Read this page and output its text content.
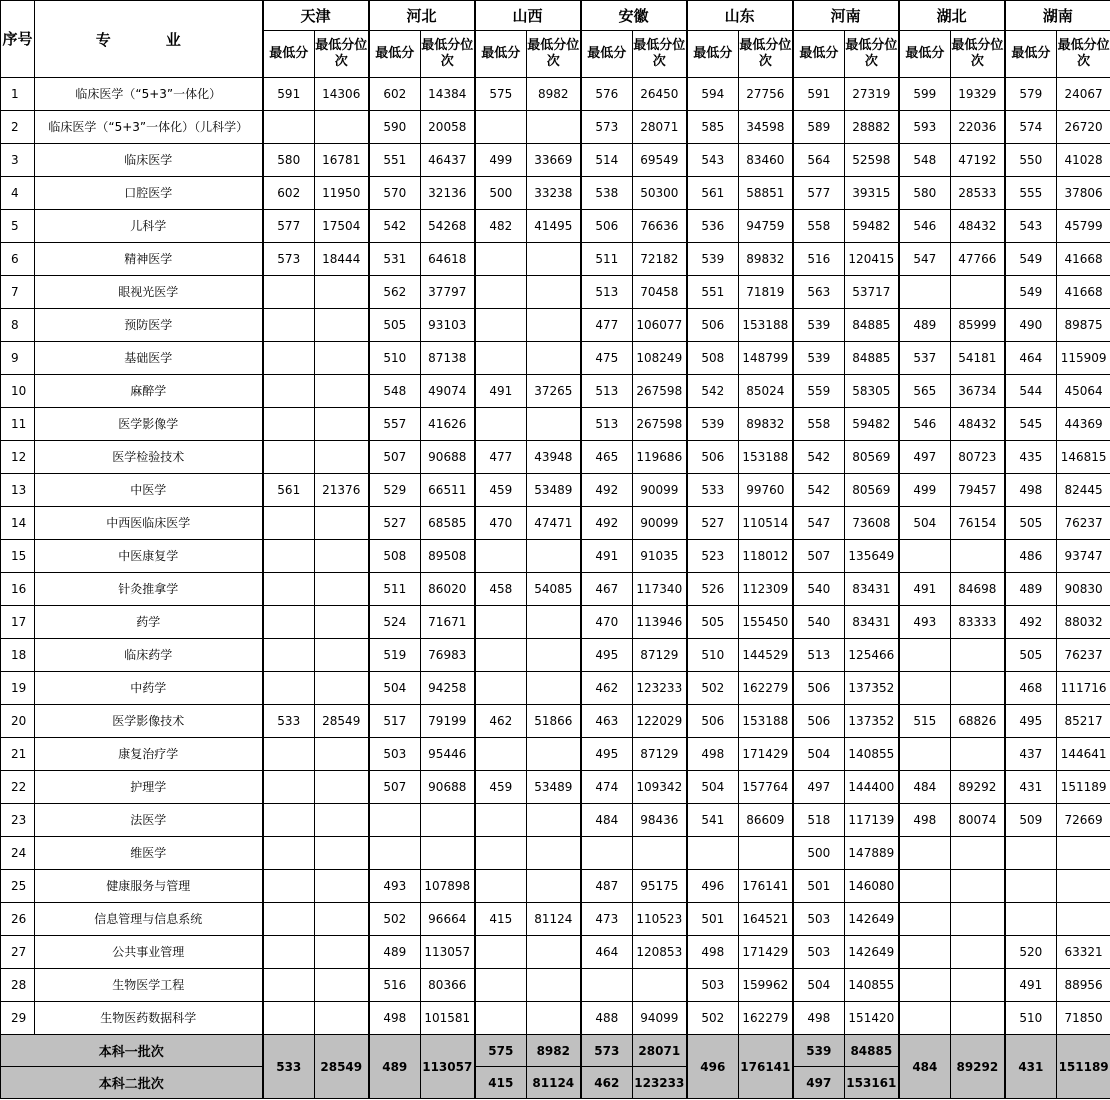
序号	专　业	天津		河北		山西		安徽		山东		河南		湖北		湖南	
		最低分	最低分位次	最低分	最低分位次	最低分	最低分位次	最低分	最低分位次	最低分	最低分位次	最低分	最低分位次	最低分	最低分位次	最低分	最低分位次
1	临床医学（“5+3”一体化）	591	14306	602	14384	575	8982	576	26450	594	27756	591	27319	599	19329	579	24067
2	临床医学（“5+3”一体化）（儿科学）			590	20058			573	28071	585	34598	589	28882	593	22036	574	26720
3	临床医学	580	16781	551	46437	499	33669	514	69549	543	83460	564	52598	548	47192	550	41028
4	口腔医学	602	11950	570	32136	500	33238	538	50300	561	58851	577	39315	580	28533	555	37806
5	儿科学	577	17504	542	54268	482	41495	506	76636	536	94759	558	59482	546	48432	543	45799
6	精神医学	573	18444	531	64618			511	72182	539	89832	516	120415	547	47766	549	41668
7	眼视光医学			562	37797			513	70458	551	71819	563	53717			549	41668
8	预防医学			505	93103			477	106077	506	153188	539	84885	489	85999	490	89875
9	基础医学			510	87138			475	108249	508	148799	539	84885	537	54181	464	115909
10	麻醉学			548	49074	491	37265	513	267598	542	85024	559	58305	565	36734	544	45064
11	医学影像学			557	41626			513	267598	539	89832	558	59482	546	48432	545	44369
12	医学检验技术			507	90688	477	43948	465	119686	506	153188	542	80569	497	80723	435	146815
13	中医学	561	21376	529	66511	459	53489	492	90099	533	99760	542	80569	499	79457	498	82445
14	中西医临床医学			527	68585	470	47471	492	90099	527	110514	547	73608	504	76154	505	76237
15	中医康复学			508	89508			491	91035	523	118012	507	135649			486	93747
16	针灸推拿学			511	86020	458	54085	467	117340	526	112309	540	83431	491	84698	489	90830
17	药学			524	71671			470	113946	505	155450	540	83431	493	83333	492	88032
18	临床药学			519	76983			495	87129	510	144529	513	125466			505	76237
19	中药学			504	94258			462	123233	502	162279	506	137352			468	111716
20	医学影像技术	533	28549	517	79199	462	51866	463	122029	506	153188	506	137352	515	68826	495	85217
21	康复治疗学			503	95446			495	87129	498	171429	504	140855			437	144641
22	护理学			507	90688	459	53489	474	109342	504	157764	497	144400	484	89292	431	151189
23	法医学							484	98436	541	86609	518	117139	498	80074	509	72669
24	维医学											500	147889				
25	健康服务与管理			493	107898			487	95175	496	176141	501	146080				
26	信息管理与信息系统			502	96664	415	81124	473	110523	501	164521	503	142649				
27	公共事业管理			489	113057			464	120853	498	171429	503	142649			520	63321
28	生物医学工程			516	80366					503	159962	504	140855			491	88956
29	生物医药数据科学			498	101581			488	94099	502	162279	498	151420			510	71850
本科一批次		533	28549	489	113057	575	8982	573	28071	496	176141	539	84885	484	89292	431	151189
本科二批次						415	81124	462	123233			497	153161				
